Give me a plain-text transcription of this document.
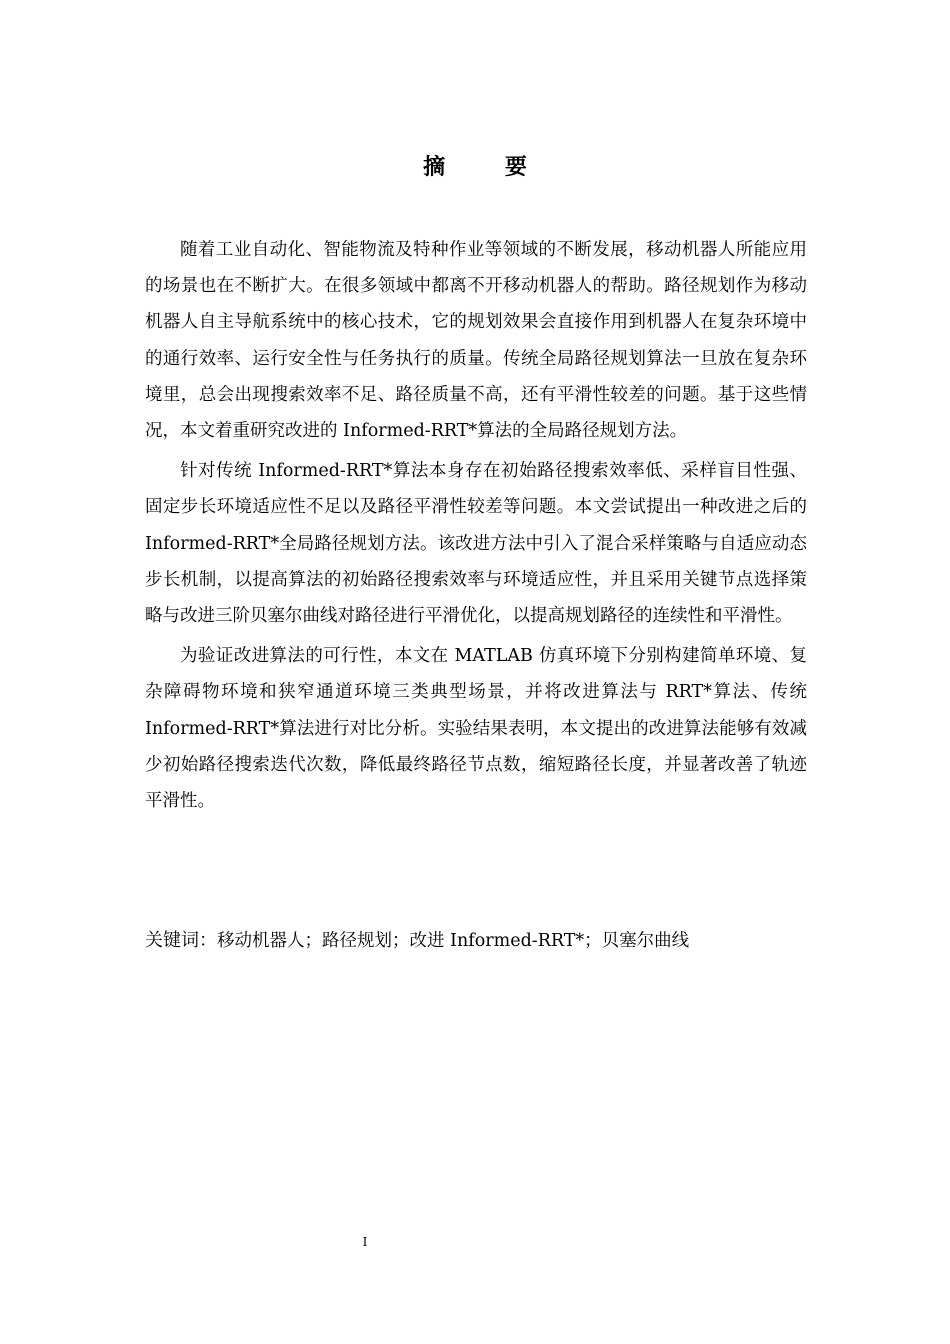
摘 要

随着工业自动化、智能物流及特种作业等领域的不断发展，移动机器人所能应用的场景也在不断扩大。在很多领域中都离不开移动机器人的帮助。路径规划作为移动机器人自主导航系统中的核心技术，它的规划效果会直接作用到机器人在复杂环境中的通行效率、运行安全性与任务执行的质量。传统全局路径规划算法一旦放在复杂环境里，总会出现搜索效率不足、路径质量不高，还有平滑性较差的问题。基于这些情况，本文着重研究改进的 Informed-RRT*算法的全局路径规划方法。

针对传统 Informed-RRT*算法本身存在初始路径搜索效率低、采样盲目性强、固定步长环境适应性不足以及路径平滑性较差等问题。本文尝试提出一种改进之后的 Informed-RRT*全局路径规划方法。该改进方法中引入了混合采样策略与自适应动态步长机制，以提高算法的初始路径搜索效率与环境适应性，并且采用关键节点选择策略与改进三阶贝塞尔曲线对路径进行平滑优化，以提高规划路径的连续性和平滑性。

为验证改进算法的可行性，本文在 MATLAB 仿真环境下分别构建简单环境、复杂障碍物环境和狭窄通道环境三类典型场景，并将改进算法与 RRT*算法、传统 Informed-RRT*算法进行对比分析。实验结果表明，本文提出的改进算法能够有效减少初始路径搜索迭代次数，降低最终路径节点数，缩短路径长度，并显著改善了轨迹平滑性。

关键词：移动机器人；路径规划；改进 Informed-RRT*；贝塞尔曲线
I
